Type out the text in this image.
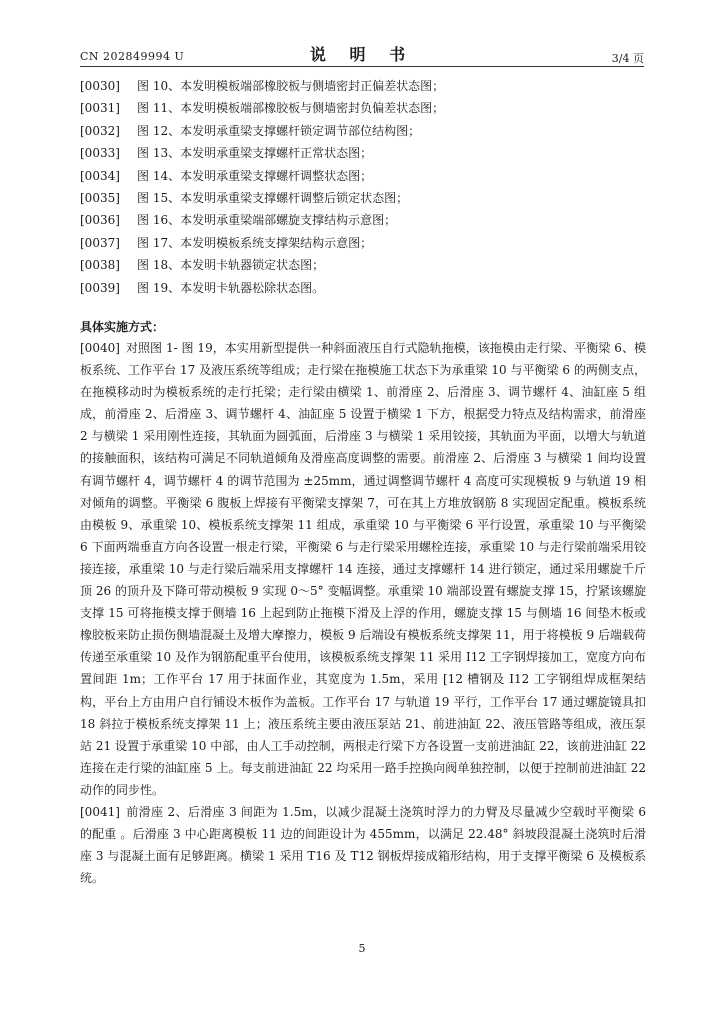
CN 202849994 U	说 明 书	3/4 页
[0030] 图 10、本发明模板端部橡胶板与侧墙密封正偏差状态图；
[0031] 图 11、本发明模板端部橡胶板与侧墙密封负偏差状态图；
[0032] 图 12、本发明承重梁支撑螺杆锁定调节部位结构图；
[0033] 图 13、本发明承重梁支撑螺杆正常状态图；
[0034] 图 14、本发明承重梁支撑螺杆调整状态图；
[0035] 图 15、本发明承重梁支撑螺杆调整后锁定状态图；
[0036] 图 16、本发明承重梁端部螺旋支撑结构示意图；
[0037] 图 17、本发明模板系统支撑架结构示意图；
[0038] 图 18、本发明卡轨器锁定状态图；
[0039] 图 19、本发明卡轨器松除状态图。
具体实施方式：

[0040] 对照图 1- 图 19，本实用新型提供一种斜面液压自行式隐轨拖模，该拖模由走行梁、平衡梁 6、模板系统、工作平台 17 及液压系统等组成；走行梁在拖模施工状态下为承重梁 10 与平衡梁 6 的两侧支点，在拖模移动时为模板系统的走行托梁；走行梁由横梁 1、前滑座 2、后滑座 3、调节螺杆 4、油缸座 5 组成，前滑座 2、后滑座 3、调节螺杆 4、油缸座 5 设置于横梁 1 下方，根据受力特点及结构需求，前滑座 2 与横梁 1 采用刚性连接，其轨面为圆弧面，后滑座 3 与横梁 1 采用铰接，其轨面为平面，以增大与轨道的接触面积，该结构可满足不同轨道倾角及滑座高度调整的需要。前滑座 2、后滑座 3 与横梁 1 间均设置有调节螺杆 4，调节螺杆 4 的调节范围为 ±25mm，通过调整调节螺杆 4 高度可实现模板 9 与轨道 19 相对倾角的调整。平衡梁 6 腹板上焊接有平衡梁支撑架 7，可在其上方堆放钢筋 8 实现固定配重。模板系统由模板 9、承重梁 10、模板系统支撑架 11 组成，承重梁 10 与平衡梁 6 平行设置，承重梁 10 与平衡梁 6 下面两端垂直方向各设置一根走行梁，平衡梁 6 与走行梁采用螺栓连接，承重梁 10 与走行梁前端采用铰接连接，承重梁 10 与走行梁后端采用支撑螺杆 14 连接，通过支撑螺杆 14 进行锁定，通过采用螺旋千斤顶 26 的顶升及下降可带动模板 9 实现 0～5° 变幅调整。承重梁 10 端部设置有螺旋支撑 15，拧紧该螺旋支撑 15 可将拖模支撑于侧墙 16 上起到防止拖模下滑及上浮的作用，螺旋支撑 15 与侧墙 16 间垫木板或橡胶板来防止损伤侧墙混凝土及增大摩擦力，模板 9 后端设有模板系统支撑架 11，用于将模板 9 后端载荷传递至承重梁 10 及作为钢筋配重平台使用，该模板系统支撑架 11 采用 I12 工字钢焊接加工，宽度方向布置间距 1m；工作平台 17 用于抹面作业，其宽度为 1.5m，采用 [12 槽钢及 I12 工字钢组焊成框架结构，平台上方由用户自行铺设木板作为盖板。工作平台 17 与轨道 19 平行，工作平台 17 通过螺旋镜具扣 18 斜拉于模板系统支撑架 11 上；液压系统主要由液压泵站 21、前进油缸 22、液压管路等组成，液压泵站 21 设置于承重梁 10 中部，由人工手动控制，两根走行梁下方各设置一支前进油缸 22，该前进油缸 22 连接在走行梁的油缸座 5 上。每支前进油缸 22 均采用一路手控换向阀单独控制，以便于控制前进油缸 22 动作的同步性。

[0041] 前滑座 2、后滑座 3 间距为 1.5m，以减少混凝土浇筑时浮力的力臂及尽量减少空载时平衡梁 6 的配重 。后滑座 3 中心距离模板 11 边的间距设计为 455mm，以满足 22.48° 斜坡段混凝土浇筑时后滑座 3 与混凝土面有足够距离。横梁 1 采用 T16 及 T12 钢板焊接成箱形结构，用于支撑平衡梁 6 及模板系统。

5
